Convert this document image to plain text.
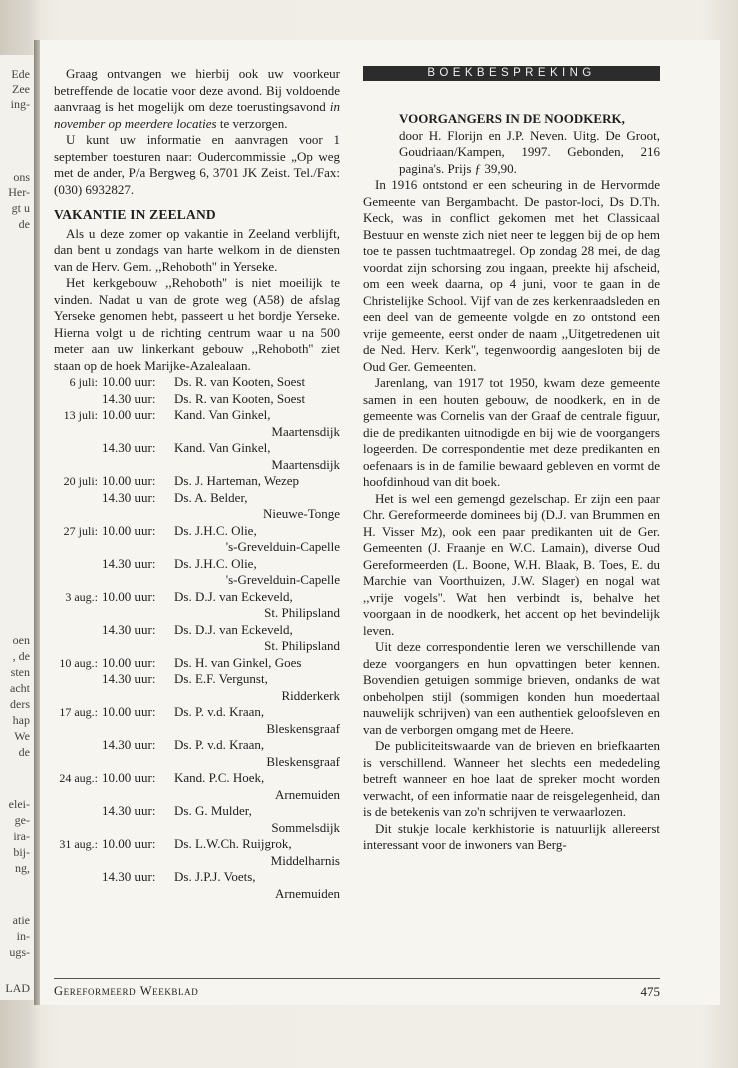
Ede
Zee
ing-
ons
Her-
gt u
de
oen
, de
sten
acht
ders
hap
We
de
elei-
ge-
ira-
bij-
ng,
atie
in-
ugs-
LAD

Graag ontvangen we hierbij ook uw voorkeur betreffende de locatie voor deze avond. Bij voldoende aanvraag is het mogelijk om deze toerustingsavond in november op meerdere locaties te verzorgen.

U kunt uw informatie en aanvragen voor 1 september toesturen naar: Oudercommissie „Op weg met de ander, P/a Bergweg 6, 3701 JK Zeist. Tel./Fax: (030) 6932827.

VAKANTIE IN ZEELAND

Als u deze zomer op vakantie in Zeeland verblijft, dan bent u zondags van harte welkom in de diensten van de Herv. Gem. ,,Rehoboth'' in Yerseke.

Het kerkgebouw ,,Rehoboth'' is niet moeilijk te vinden. Nadat u van de grote weg (A58) de afslag Yerseke genomen hebt, passeert u het bordje Yerseke. Hierna volgt u de richting centrum waar u na 500 meter aan uw linkerkant gebouw ,,Rehoboth'' ziet staan op de hoek Marijke-Azalealaan.

6 juli:	10.00 uur:	Ds. R. van Kooten, Soest
	14.30 uur:	Ds. R. van Kooten, Soest
13 juli:	10.00 uur:	Kand. Van Ginkel,
		Maartensdijk
	14.30 uur:	Kand. Van Ginkel,
		Maartensdijk
20 juli:	10.00 uur:	Ds. J. Harteman, Wezep
	14.30 uur:	Ds. A. Belder,
		Nieuwe-Tonge
27 juli:	10.00 uur:	Ds. J.H.C. Olie,
		's-Grevelduin-Capelle
	14.30 uur:	Ds. J.H.C. Olie,
		's-Grevelduin-Capelle
3 aug.:	10.00 uur:	Ds. D.J. van Eckeveld,
		St. Philipsland
	14.30 uur:	Ds. D.J. van Eckeveld,
		St. Philipsland
10 aug.:	10.00 uur:	Ds. H. van Ginkel, Goes
	14.30 uur:	Ds. E.F. Vergunst,
		Ridderkerk
17 aug.:	10.00 uur:	Ds. P. v.d. Kraan,
		Bleskensgraaf
	14.30 uur:	Ds. P. v.d. Kraan,
		Bleskensgraaf
24 aug.:	10.00 uur:	Kand. P.C. Hoek,
		Arnemuiden
	14.30 uur:	Ds. G. Mulder,
		Sommelsdijk
31 aug.:	10.00 uur:	Ds. L.W.Ch. Ruijgrok,
		Middelharnis
	14.30 uur:	Ds. J.P.J. Voets,
		Arnemuiden
BOEKBESPREKING
VOORGANGERS IN DE NOODKERK,
door H. Florijn en J.P. Neven. Uitg. De Groot, Goudriaan/Kampen, 1997. Gebonden, 216 pagina's. Prijs ƒ 39,90.

In 1916 ontstond er een scheuring in de Hervormde Gemeente van Bergambacht. De pastor-loci, Ds D.Th. Keck, was in conflict gekomen met het Classicaal Bestuur en wenste zich niet neer te leggen bij de op hem toe te passen tuchtmaatregel. Op zondag 28 mei, de dag voordat zijn schorsing zou ingaan, preekte hij afscheid, om een week daarna, op 4 juni, voor te gaan in de Christelijke School. Vijf van de zes kerkenraadsleden en een deel van de gemeente volgde en zo ontstond een vrije gemeente, eerst onder de naam ,,Uitgetredenen uit de Ned. Herv. Kerk'', tegenwoordig aangesloten bij de Oud Ger. Gemeenten.

Jarenlang, van 1917 tot 1950, kwam deze gemeente samen in een houten gebouw, de noodkerk, en in de gemeente was Cornelis van der Graaf de centrale figuur, die de predikanten uitnodigde en bij wie de voorgangers logeerden. De correspondentie met deze predikanten en oefenaars is in de familie bewaard gebleven en vormt de hoofdinhoud van dit boek.

Het is wel een gemengd gezelschap. Er zijn een paar Chr. Gereformeerde dominees bij (D.J. van Brummen en H. Visser Mz), ook een paar predikanten uit de Ger. Gemeenten (J. Fraanje en W.C. Lamain), diverse Oud Gereformeerden (L. Boone, W.H. Blaak, B. Toes, E. du Marchie van Voorthuizen, J.W. Slager) en nogal wat ,,vrije vogels''. Wat hen verbindt is, behalve het voorgaan in de noodkerk, het accent op het bevindelijk leven.

Uit deze correspondentie leren we verschillende van deze voorgangers en hun opvattingen beter kennen. Bovendien getuigen sommige brieven, ondanks de wat onbeholpen stijl (sommigen konden hun moedertaal nauwelijk schrijven) van een authentiek geloofsleven en van de verborgen omgang met de Heere.

De publiciteitswaarde van de brieven en briefkaarten is verschillend. Wanneer het slechts een mededeling betreft wanneer en hoe laat de spreker mocht worden verwacht, of een informatie naar de reisgelegenheid, dan is de betekenis van zo'n schrijven te verwaarlozen.

Dit stukje locale kerkhistorie is natuurlijk allereerst interessant voor de inwoners van Berg-

Gereformeerd Weekblad	475
